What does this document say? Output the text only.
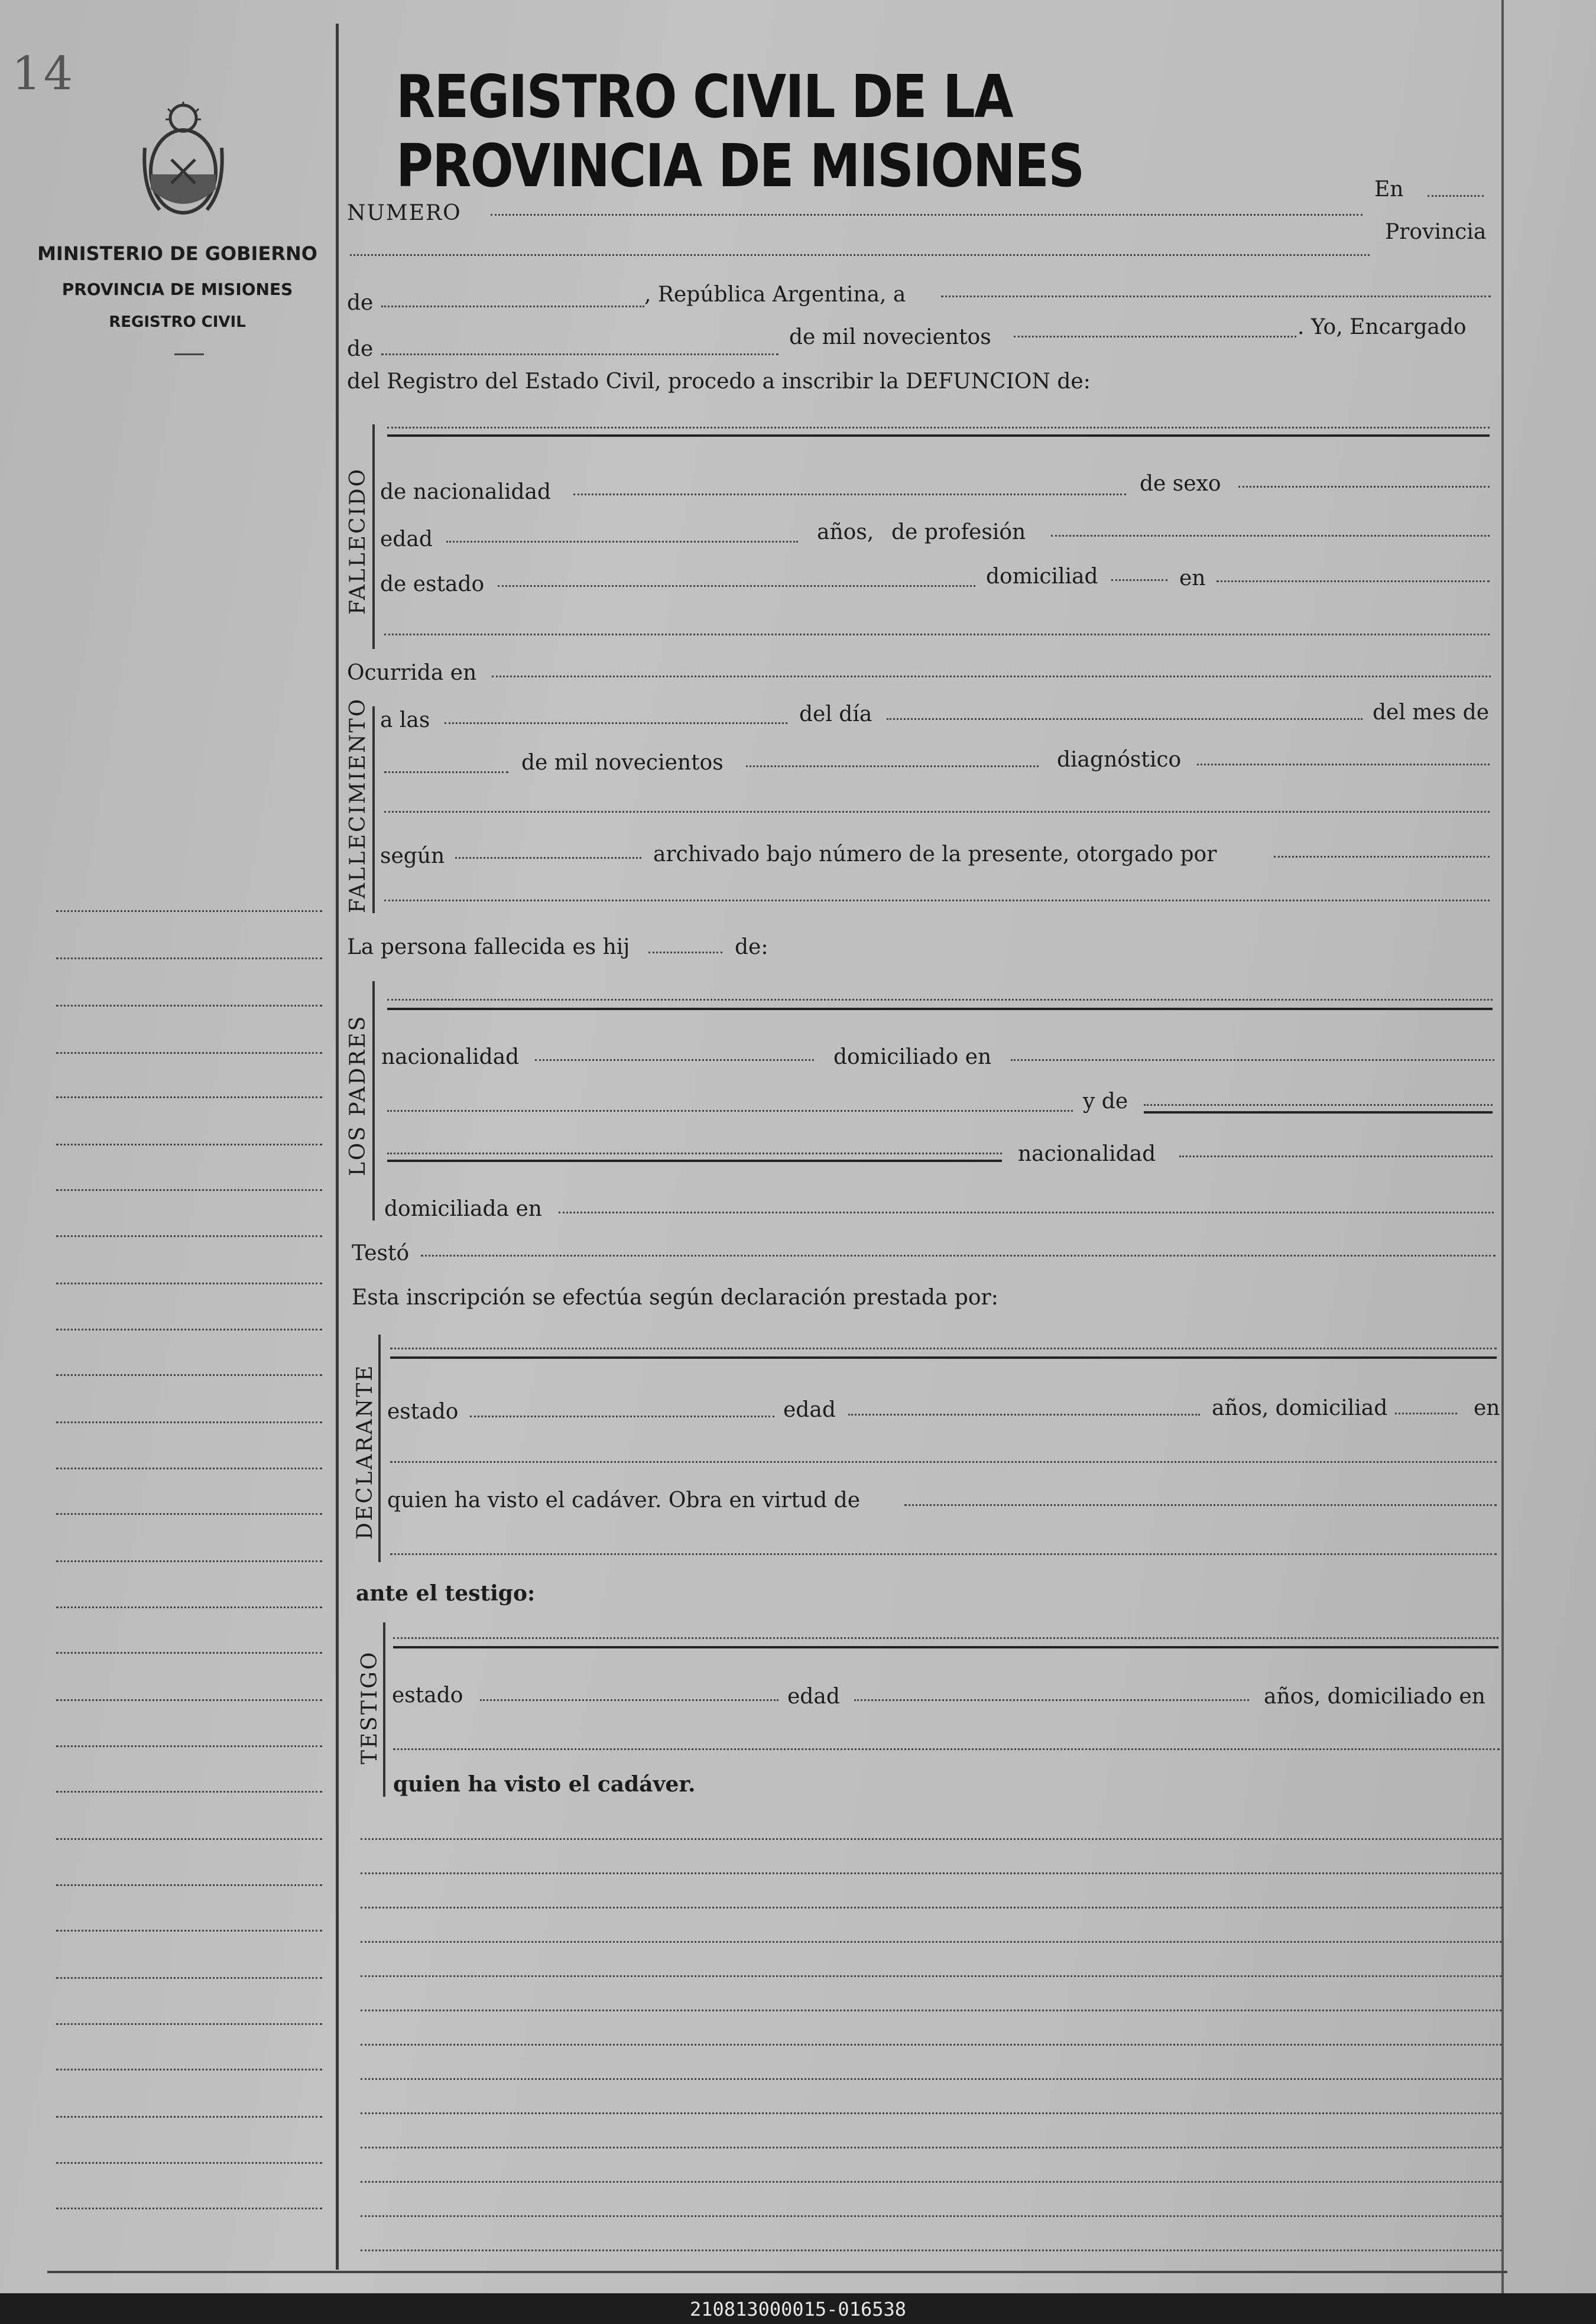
14
MINISTERIO DE GOBIERNO
PROVINCIA DE MISIONES
REGISTRO CIVIL
REGISTRO CIVIL DE LA PROVINCIA DE MISIONES	En
NUMERO
Provincia
de	, República Argentina, a
de	de mil novecientos	. Yo, Encargado
del Registro del Estado Civil, procedo a inscribir la DEFUNCION de:
FALLECIDO de nacionalidad	de sexo
edad	años, de profesión
de estado	domiciliad	en
Ocurrida en
FALLECIMIENTO a las	del día	del mes de
de mil novecientos	diagnóstico
según	archivado bajo número de la presente, otorgado por
La persona fallecida es hij	de:
LOS PADRES nacionalidad	domiciliado en
y de
nacionalidad
domiciliada en
Testó
Esta inscripción se efectúa según declaración prestada por:
DECLARANTE estado	edad	años, domiciliad	en
quien ha visto el cadáver. Obra en virtud de
ante el testigo:
TESTIGO estado	edad	años, domiciliado en
quien ha visto el cadáver.
210813000015-016538
